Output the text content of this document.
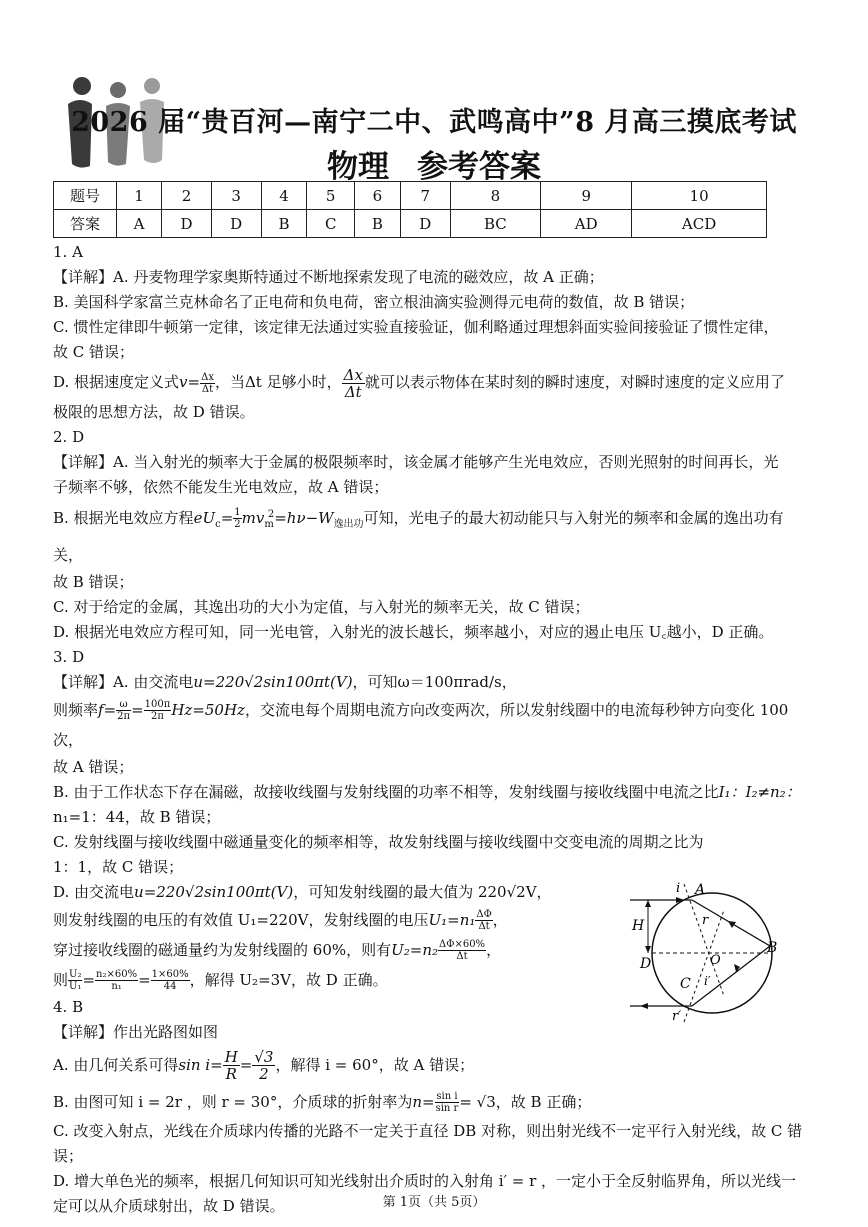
2026 届“贵百河—南宁二中、武鸣高中”8 月高三摸底考试
物理 参考答案
题号	1	2	3	4	5	6	7	8	9	10
答案	A	D	D	B	C	B	D	BC	AD	ACD

1. A

【详解】A. 丹麦物理学家奥斯特通过不断地探索发现了电流的磁效应，故 A 正确；

B. 美国科学家富兰克林命名了正电荷和负电荷，密立根油滴实验测得元电荷的数值，故 B 错误；

C. 惯性定律即牛顿第一定律，该定律无法通过实验直接验证，伽利略通过理想斜面实验间接验证了惯性定律，

故 C 错误；

D. 根据速度定义式$v= \frac{\Delta x}{\Delta t}$ ，当Δt 足够小时， $\frac{\Delta x}{\Delta t}$ 就可以表示物体在某时刻的瞬时速度，对瞬时速度的定义应用了

极限的思想方法，故 D 错误。

2. D

【详解】A. 当入射光的频率大于金属的极限频率时，该金属才能够产生光电效应，否则光照射的时间再长，光

子频率不够，依然不能发生光电效应，故 A 错误；

B. 根据光电效应方程$eU_c= \frac{1}{2} mv_m^2=h\nu-W_{逸出功}$可知，光电子的最大初动能只与入射光的频率和金属的逸出功有关，

故 B 错误；

C. 对于给定的金属，其逸出功的大小为定值，与入射光的频率无关，故 C 错误；

D. 根据光电效应方程可知，同一光电管，入射光的波长越长，频率越小，对应的遏止电压 U꜀越小，D 正确。

3. D

【详解】A. 由交流电u=220√2sin100πt(V)，可知ω＝100πrad/s，

则频率$f= \frac{\omega}{2\pi} = \frac{100\pi}{2\pi} Hz=50Hz$，交流电每个周期电流方向改变两次，所以发射线圈中的电流每秒钟方向变化 100 次，

故 A 错误；

B. 由于工作状态下存在漏磁，故接收线圈与发射线圈的功率不相等，发射线圈与接收线圈中电流之比I₁：I₂≠n₂：

n₁=1：44，故 B 错误；

C. 发射线圈与接收线圈中磁通量变化的频率相等，故发射线圈与接收线圈中交变电流的周期之比为

1：1，故 C 错误；

D. 由交流电u=220√2sin100πt(V)，可知发射线圈的最大值为 220√2V，

则发射线圈的电压的有效值 U₁=220V，发射线圈的电压$U_1=n_1 \frac{\Delta\Phi}{\Delta t}$ ，

穿过接收线圈的磁通量约为发射线圈的 60%，则有$U_2=n_2 \frac{\Delta\Phi\times 60\%}{\Delta t}$ ，

则 $\frac{\text{U₂}}{\text{U₁}} = \frac{\text{n₂×60\%}}{\text{n₁}} = \frac{1\times 60\%}{44}$ ，解得 U₂=3V，故 D 正确。

4. B

【详解】作出光路图如图

A. 由几何关系可得$\sin i= \frac{H}{R} = \frac{√3}{2}$ ，解得 i = 60°，故 A 错误；

B. 由图可知 i = 2r ，则 r = 30°，介质球的折射率为$n= \frac{\text{sin i}}{\text{sin r}} = √3$，故 B 正确；

C. 改变入射点，光线在介质球内传播的光路不一定关于直径 DB 对称，则出射光线不一定平行入射光线，故 C 错

误；

D. 增大单色光的频率，根据几何知识可知光线射出介质时的入射角 i′ = r ，一定小于全反射临界角，所以光线一

定可以从介质球射出，故 D 错误。

i A
r
H
B
D	O
C i′
r′
第 1页（共 5页）
